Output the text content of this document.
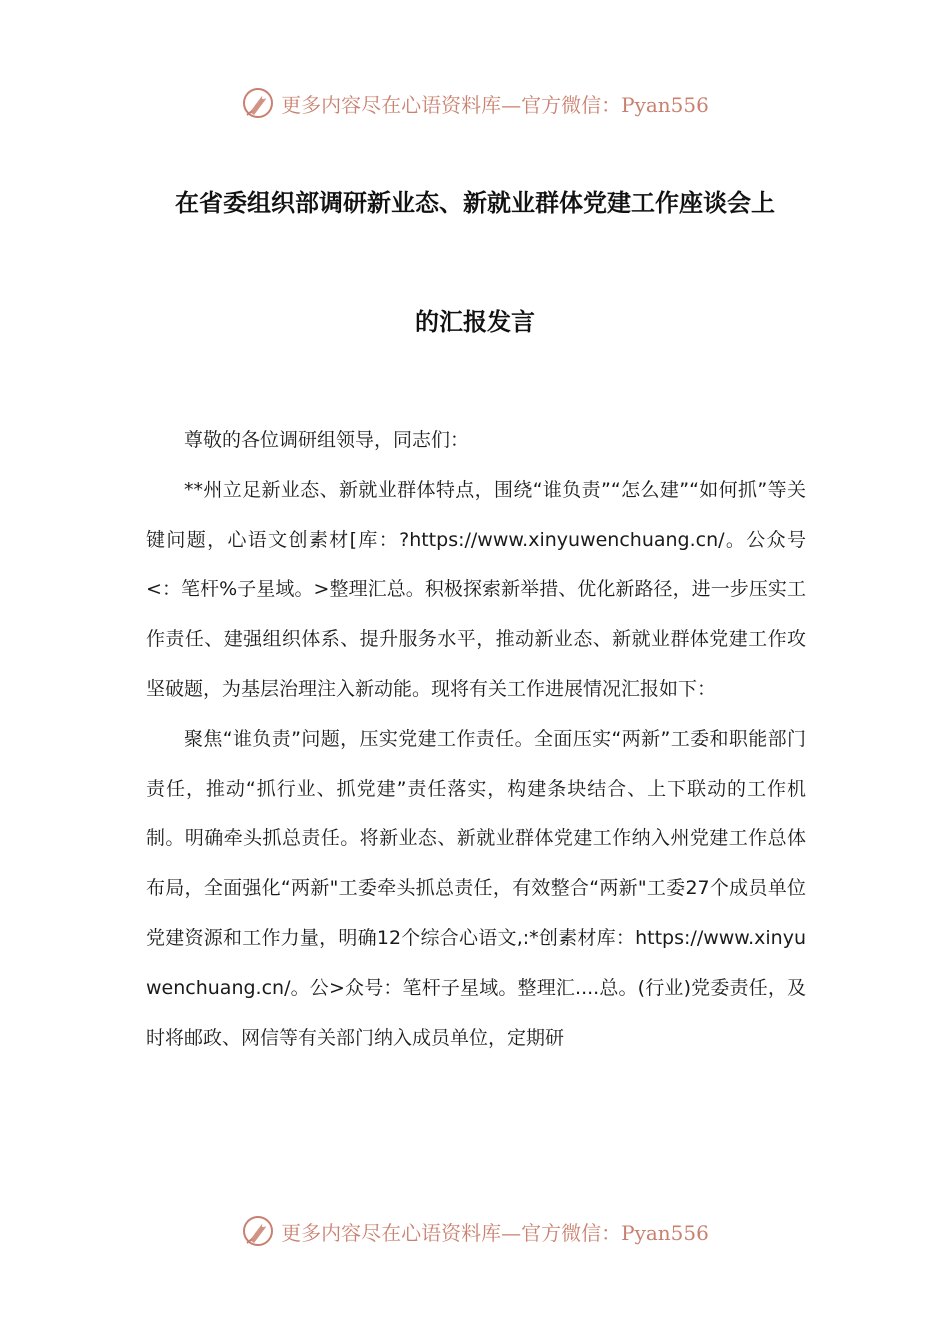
更多内容尽在心语资料库—官方微信：Pyan556
在省委组织部调研新业态、新就业群体党建工作座谈会上
的汇报发言

尊敬的各位调研组领导，同志们：

**州立足新业态、新就业群体特点，围绕“谁负责”“怎么建”“如何抓”等关键问题，心语文创素材[库：?https://www.xinyuwenchuang.cn/。公众号<：笔杆%子星域。>整理汇总。积极探索新举措、优化新路径，进一步压实工作责任、建强组织体系、提升服务水平，推动新业态、新就业群体党建工作攻坚破题，为基层治理注入新动能。现将有关工作进展情况汇报如下：

聚焦“谁负责”问题，压实党建工作责任。全面压实“两新”工委和职能部门责任，推动“抓行业、抓党建”责任落实，构建条块结合、上下联动的工作机制。明确牵头抓总责任。将新业态、新就业群体党建工作纳入州党建工作总体布局，全面强化“两新"工委牵头抓总责任，有效整合“两新"工委27个成员单位党建资源和工作力量，明确12个综合心语文,:*创素材库：https://www.xinyuwenchuang.cn/。公>众号：笔杆子星域。整理汇....总。(行业)党委责任，及时将邮政、网信等有关部门纳入成员单位，定期研

更多内容尽在心语资料库—官方微信：Pyan556
